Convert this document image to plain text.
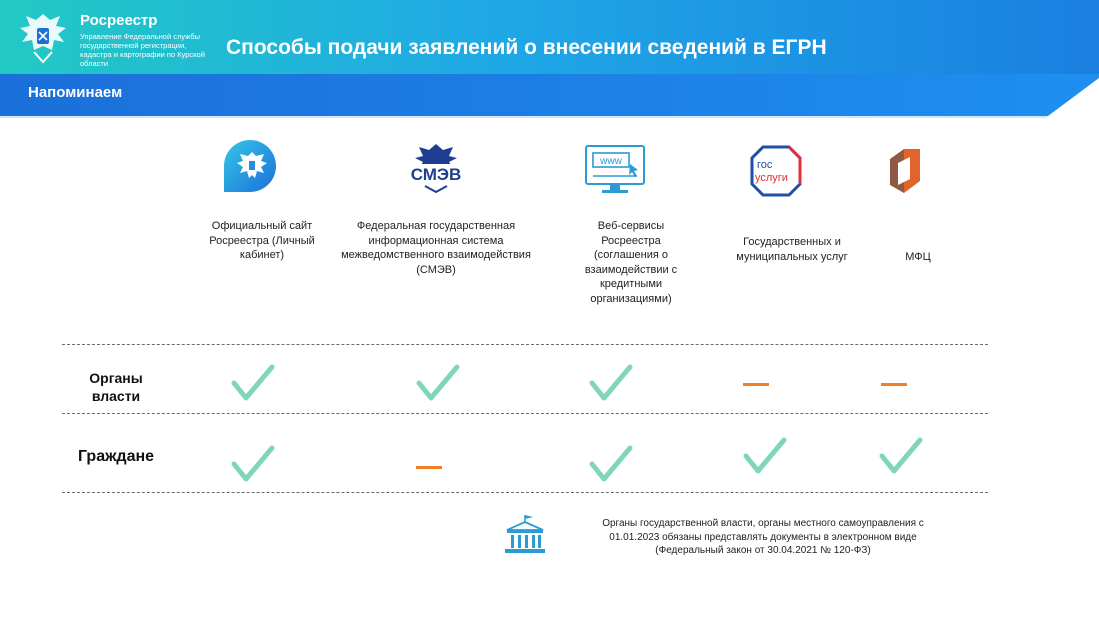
Росреестр
Управление Федеральной службы государственной регистрации, кадастра и картографии по Курской области
Способы подачи заявлений о внесении сведений в ЕГРН
Напоминаем
СМЭВ
www	гос
услуги
Официальный сайт Росреестра (Личный кабинет)
Федеральная государственная информационная система межведомственного взаимодействия (СМЭВ)
Веб-сервисы Росреестра (соглашения о взаимодействии с кредитными организациями)
Государственных и муниципальных услуг	МФЦ
Органы власти
Граждане
Органы государственной власти, органы местного самоуправления с 01.01.2023 обязаны представлять документы в электронном виде (Федеральный закон от 30.04.2021 № 120-ФЗ)
